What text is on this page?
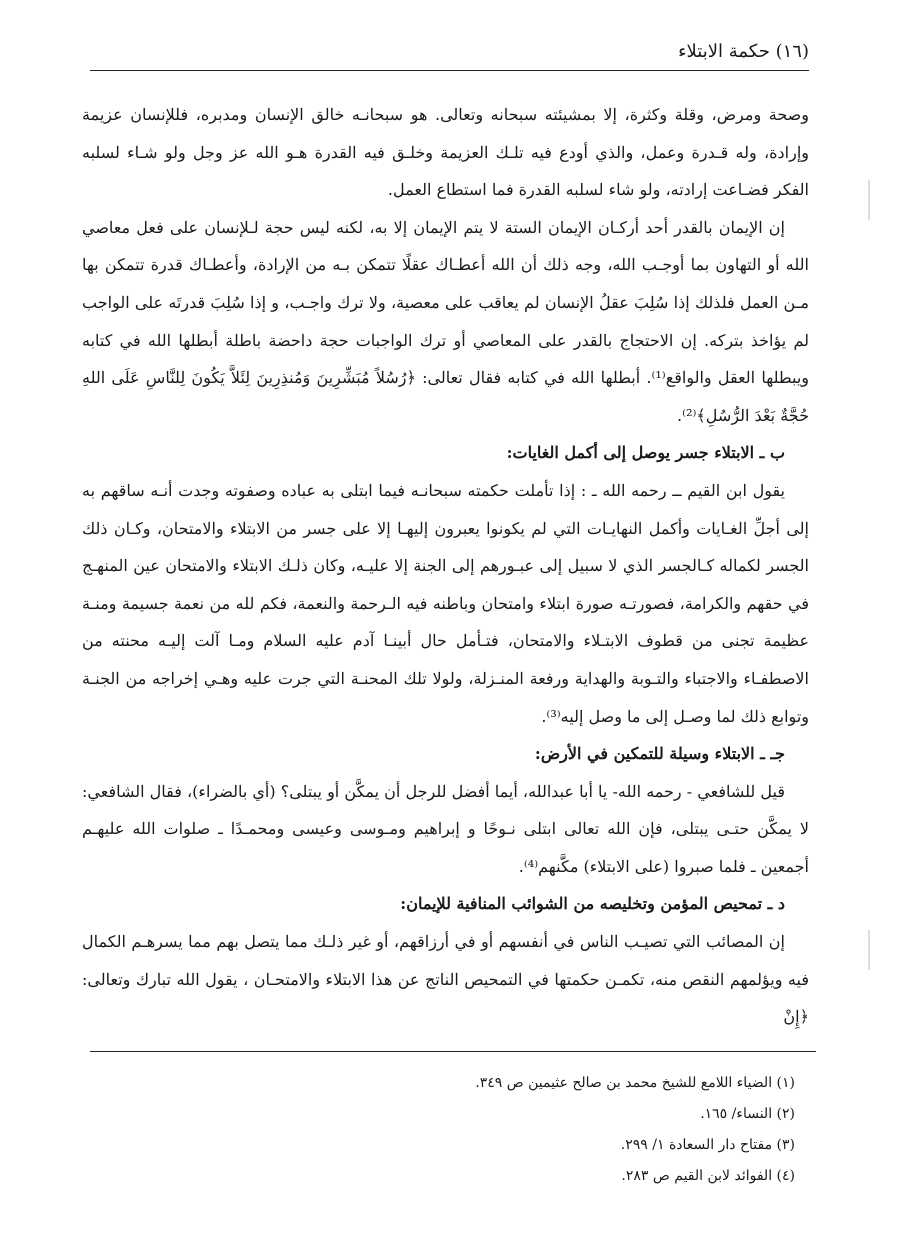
(١٦) حكمة الابتلاء

وصحة ومرض، وقلة وكثرة، إلا بمشيئته سبحانه وتعالى. هو سبحانـه خالق الإنسان ومدبره، فللإنسان عزيمة وإرادة، وله قـدرة وعمل، والذي أودع فيه تلـك العزيمة وخلـق فيه القدرة هـو الله عز وجل ولو شـاء لسلبه الفكر فضـاعت إرادته، ولو شاء لسلبه القدرة فما استطاع العمل.

إن الإيمان بالقدر أحد أركـان الإيمان الستة لا يتم الإيمان إلا به، لكنه ليس حجة لـلإنسان على فعل معاصي الله أو التهاون بما أوجـب الله، وجه ذلك أن الله أعطـاك عقلًا تتمكن بـه من الإرادة، وأعطـاك قدرة تتمكن بها مـن العمل فلذلك إذا سُلِبَ عقلُ الإنسان لم يعاقب على معصية، ولا ترك واجـب، و إذا سُلِبَ قدرتَه على الواجب لم يؤاخذ بتركه. إن الاحتجاج بالقدر على المعاصي أو ترك الواجبات حجة داحضة باطلة أبطلها الله في كتابه ويبطلها العقل والواقع⁽¹⁾. أبطلها الله في كتابه فقال تعالى: ﴿رُسُلاً مُبَشِّرِينَ وَمُنذِرِينَ لِئَلاَّ يَكُونَ لِلنَّاسِ عَلَى اللهِ حُجَّةٌ بَعْدَ الرُّسُلِ﴾⁽²⁾.

ب ـ الابتلاء جسر يوصل إلى أكمل الغايات:

يقول ابن القيم ــ رحمه الله ـ : إذا تأملت حكمته سبحانـه فيما ابتلى به عباده وصفوته وجدت أنـه ساقهم به إلى أجلِّ الغـايات وأكمل النهايـات التي لم يكونوا يعبرون إليهـا إلا على جسر من الابتلاء والامتحان، وكـان ذلك الجسر لكماله كـالجسر الذي لا سبيل إلى عبـورهم إلى الجنة إلا عليـه، وكان ذلـك الابتلاء والامتحان عين المنهـج في حقهم والكرامة، فصورتـه صورة ابتلاء وامتحان وباطنه فيه الـرحمة والنعمة، فكم لله من نعمة جسيمة ومنـة عظيمة تجنى من قطوف الابتـلاء والامتحان، فتـأمل حال أبينـا آدم عليه السلام ومـا آلت إليـه محنته من الاصطفـاء والاجتباء والتـوبة والهداية ورفعة المنـزلة، ولولا تلك المحنـة التي جرت عليه وهـي إخراجه من الجنـة وتوابع ذلك لما وصـل إلى ما وصل إليه⁽³⁾.

جـ ـ الابتلاء وسيلة للتمكين في الأرض:

قيل للشافعي - رحمه الله- يا أبا عبدالله، أيما أفضل للرجل أن يمكَّن أو يبتلى؟ (أي بالضراء)، فقال الشافعي: لا يمكَّن حتـى يبتلى، فإن الله تعالى ابتلى نـوحًا و إبراهيم ومـوسى وعيسى ومحمـدًا ـ صلوات الله عليهـم أجمعين ـ فلما صبروا (على الابتلاء) مكَّنهم⁽⁴⁾.

د ـ تمحيص المؤمن وتخليصه من الشوائب المنافية للإيمان:

إن المصائب التي تصيـب الناس في أنفسهم أو في أرزاقهم، أو غير ذلـك مما يتصل بهم مما يسرهـم الكمال فيه ويؤلمهم النقص منه، تكمـن حكمتها في التمحيص الناتج عن هذا الابتلاء والامتحـان ، يقول الله تبارك وتعالى: ﴿إِنْ

(١) الضياء اللامع للشيخ محمد بن صالح عثيمين ص ٣٤٩.
(٢) النساء/ ١٦٥.
(٣) مفتاح دار السعادة ١/ ٢٩٩.
(٤) الفوائد لابن القيم ص ٢٨٣.
